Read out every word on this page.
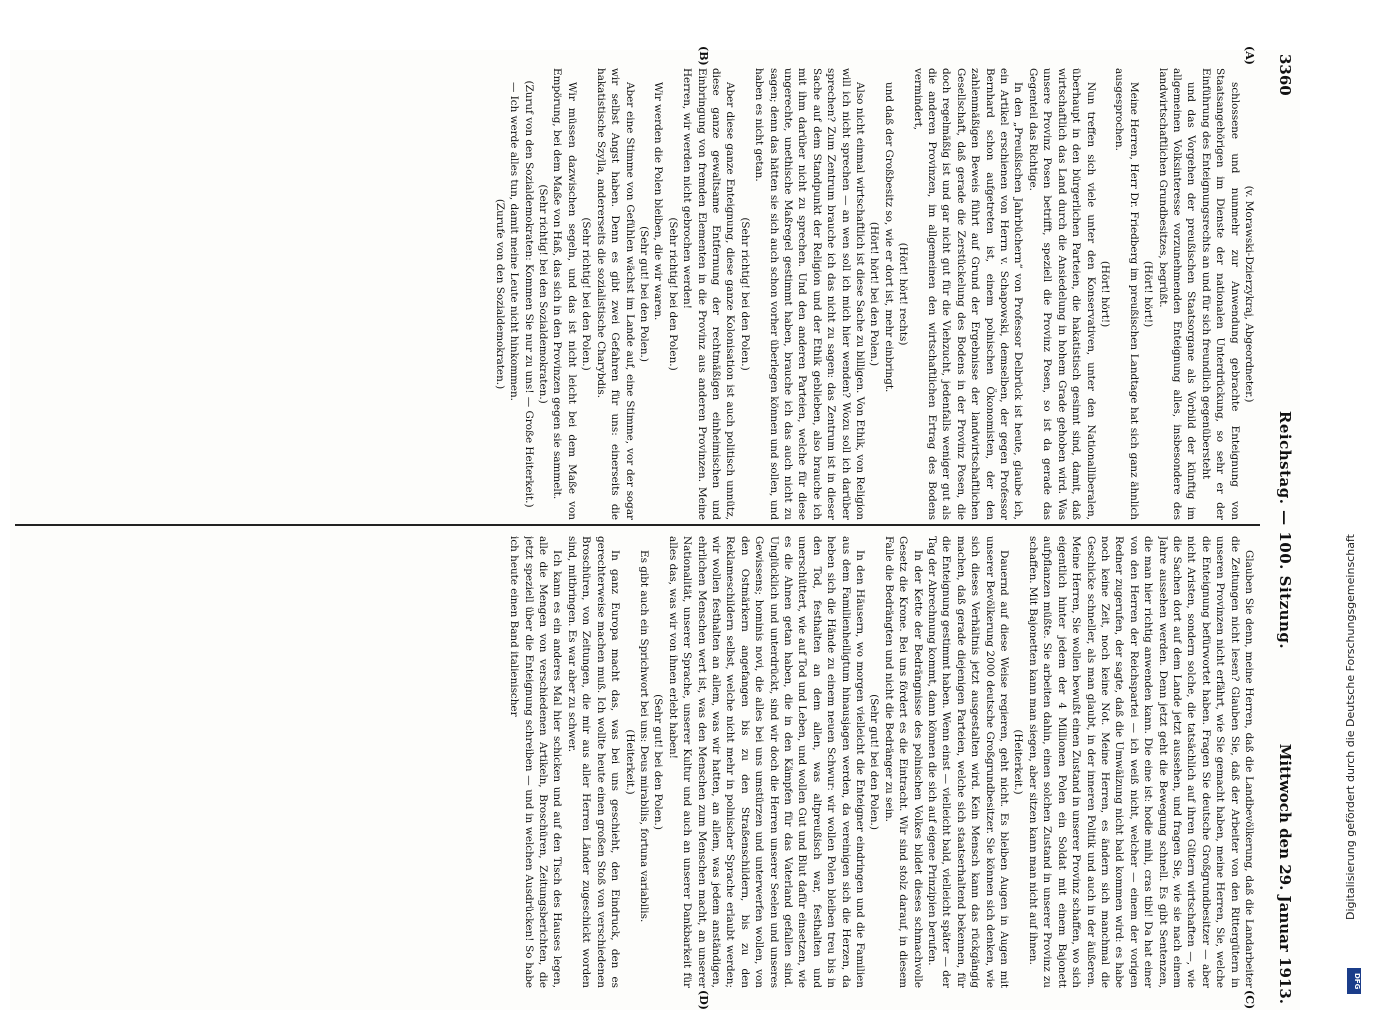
3360
Reichstag. — 100. Sitzung.
Mittwoch den 29. Januar 1913.

(v. Morawski-Dzierzykraj, Abgeordneter.)

schlossene und nunmehr zur Anwendung gebrachte Enteignung von Staatsangehörigen im Dienste der nationalen Unterdrückung, so sehr er der Einführung des Enteignungsrechts an und für sich freundlich gegenübersteht

und das Vorgehen der preußischen Staatsorgane als Vorbild der künftig im allgemeinen Volksinteresse vorzunehmenden Enteignung alles, insbesondere des landwirtschaftlichen Grundbesitzes, begrüßt.

(Hört! hört!)

Meine Herren, Herr Dr. Friedberg im preußischen Landtage hat sich ganz ähnlich ausgesprochen.

(Hört! hört!)

Nun treffen sich viele unter den Konservativen, unter den Nationalliberalen, überhaupt in den bürgerlichen Parteien, die hakatistisch gesinnt sind, damit, daß wirtschaftlich das Land durch die Ansiedelung in hohem Grade gehoben wird. Was unsere Provinz Posen betrifft, speziell die Provinz Posen, so ist da gerade das Gegenteil das Richtige.

In den „Preußischen Jahrbüchern“ von Professor Delbrück ist heute, glaube ich, ein Artikel erschienen von Herrn v. Schapowski, demselben, der gegen Professor Bernhard schon aufgetreten ist, einem polnischen Ökonomisten, der den zahlenmäßigen Beweis führt auf Grund der Ergebnisse der landwirtschaftlichen Gesellschaft, daß gerade die Zerstückelung des Bodens in der Provinz Posen, die doch regelmäßig ist und gar nicht gut für die Viehzucht, jedenfalls weniger gut als die anderen Provinzen, im allgemeinen den wirtschaftlichen Ertrag des Bodens vermindert,

(Hört! hört! rechts)

und daß der Großbesitz so, wie er dort ist, mehr einbringt.

(Hört! hört! bei den Polen.)

Also nicht einmal wirtschaftlich ist diese Sache zu billigen. Von Ethik, von Religion will ich nicht sprechen — an wen soll ich mich hier wenden? Wozu soll ich darüber sprechen? Zum Zentrum brauche ich das nicht zu sagen: das Zentrum ist in dieser Sache auf dem Standpunkt der Religion und der Ethik geblieben, also brauche ich mit ihm darüber nicht zu sprechen. Und den anderen Parteien, welche für diese ungerechte, unethische Maßregel gestimmt haben, brauche ich das auch nicht zu sagen; denn das hätten sie sich auch schon vorher überlegen können und sollen, und haben es nicht getan.

(Sehr richtig! bei den Polen.)

Aber diese ganze Enteignung, diese ganze Kolonisation ist auch politisch unnütz, diese ganze gewaltsame Entfernung der rechtmäßigen einheimischen und Einbringung von fremden Elementen in die Provinz aus anderen Provinzen. Meine Herren, wir werden nicht gebrochen werden!

(Sehr richtig! bei den Polen.)

Wir werden die Polen bleiben, die wir waren.

(Sehr gut! bei den Polen.)

Aber eine Stimme von Gefühlen wächst im Lande auf, eine Stimme, vor der sogar wir selbst Angst haben. Denn es gibt zwei Gefahren für uns: einerseits die hakatistische Szylla, andererseits die sozialistische Charybdis.

(Sehr richtig! bei den Polen.)

Wir müssen dazwischen segeln, und das ist nicht leicht bei dem Maße von Empörung, bei dem Maße von Haß, das sich in den Provinzen gegen sie sammelt.

(Sehr richtig! bei den Sozialdemokraten.)

(Zuruf von den Sozialdemokraten: Kommen Sie nur zu uns! — Große Heiterkeit.)

— Ich werde alles tun, damit meine Leute nicht hinkommen.

(Zurufe von den Sozialdemokraten.)

Glauben Sie denn, meine Herren, daß die Landbevölkerung, daß die Landarbeiter die Zeitungen nicht lesen? Glauben Sie, daß der Arbeiter von den Rittergütern in unseren Provinzen nicht erfährt, wie Sie gemacht haben, meine Herren, Sie, welche die Enteignung befürwortet haben. Fragen Sie deutsche Großgrundbesitzer — aber nicht Aristen, sondern solche, die tatsächlich auf ihren Gütern wirtschaften —, wie die Sachen dort auf dem Lande jetzt aussehen, und fragen Sie, wie sie nach einem Jahre aussehen werden. Denn jetzt geht die Bewegung schnell. Es gibt Sentenzen, die man hier richtig anwenden kann. Die eine ist: hodie mihi, cras tibi! Da hat einer von den Herren der Reichspartei — ich weiß nicht, welcher — einem der vorigen Redner zugerufen, der sagte, daß die Umwälzung nicht bald kommen wird: es habe noch keine Zeit, noch keine Not. Meine Herren, es ändern sich manchmal die Geschicke schneller, als man glaubt, in der inneren Politik und auch in der äußeren. Meine Herren, Sie wollen bewußt einen Zustand in unserer Provinz schaffen, wo sich eigentlich hinter jedem der 4 Millionen Polen ein Soldat mit einem Bajonett aufpflanzen müßte. Sie arbeiten dahin, einen solchen Zustand in unserer Provinz zu schaffen. Mit Bajonetten kann man siegen, aber sitzen kann man nicht auf ihnen.

(Heiterkeit.)

Dauernd auf diese Weise regieren, geht nicht. Es bleiben Augen in Augen mit unserer Bevölkerung 2000 deutsche Großgrundbesitzer. Sie können sich denken, wie sich dieses Verhältnis jetzt ausgestalten wird. Kein Mensch kann das rückgängig machen, daß gerade diejenigen Parteien, welche sich staatserhaltend bekennen, für die Enteignung gestimmt haben. Wenn einst — vielleicht bald, vielleicht später — der Tag der Abrechnung kommt, dann können die sich auf eigene Prinzipien berufen.

In der Kette der Bedrängnisse des polnischen Volkes bildet dieses schmachvolle Gesetz die Krone. Bei uns fördert es die Eintracht. Wir sind stolz darauf, in diesem Falle die Bedrängten und nicht die Bedränger zu sein.

(Sehr gut! bei den Polen.)

In den Häusern, wo morgen vielleicht die Enteigner eindringen und die Familien aus dem Familienheiligtum hinausjagen werden, da vereinigen sich die Herzen, da heben sich die Hände zu einem neuen Schwur: wir wollen Polen bleiben treu bis in den Tod, festhalten an dem allen, was altpreußisch war, festhalten und unerschüttert, wie auf Tod und Leben, und wollen Gut und Blut dafür einsetzen, wie es die Ahnen getan haben, die in den Kämpfen für das Vaterland gefallen sind. Unglücklich und unterdrückt, sind wir doch die Herren unserer Seelen und unseres Gewissens; hominis novi, die alles bei uns umstürzen und unterwerfen wollen, von den Ostmärkern angefangen bis zu den Straßenschildern, bis zu den Reklameschildern selbst, welche nicht mehr in polnischer Sprache erlaubt werden; wir wollen festhalten an allem, was wir hatten, an allem, was jedem anständigen, ehrlichen Menschen wert ist, was den Menschen zum Menschen macht, an unserer Nationalität, unserer Sprache, unserer Kultur und auch an unserer Dankbarkeit für alles das, was wir von ihnen erlebt haben!

(Sehr gut! bei den Polen.)

Es gibt auch ein Sprichwort bei uns: Deus mirabilis, fortuna variabilis.

(Heiterkeit.)

In ganz Europa macht das, was bei uns geschieht, den Eindruck, den es gerechterweise machen muß. Ich wollte heute einen großen Stoß von verschiedenen Broschüren, von Zeitungen, die mir aus aller Herren Länder zugeschickt worden sind, mitbringen. Es war aber zu schwer.

Ich kann es ein anderes Mal hier schicken und auf den Tisch des Hauses legen, alle die Mengen von verschiedenen Artikeln, Broschüren, Zeitungsberichten, die jetzt speziell über die Enteignung schreiben — und in welchen Ausdrücken! So habe ich heute einen Band italienischer

(A)
(B)
(C)
(D)
Digitalisierung gefördert durch die Deutsche Forschungsgemeinschaft
DFG
